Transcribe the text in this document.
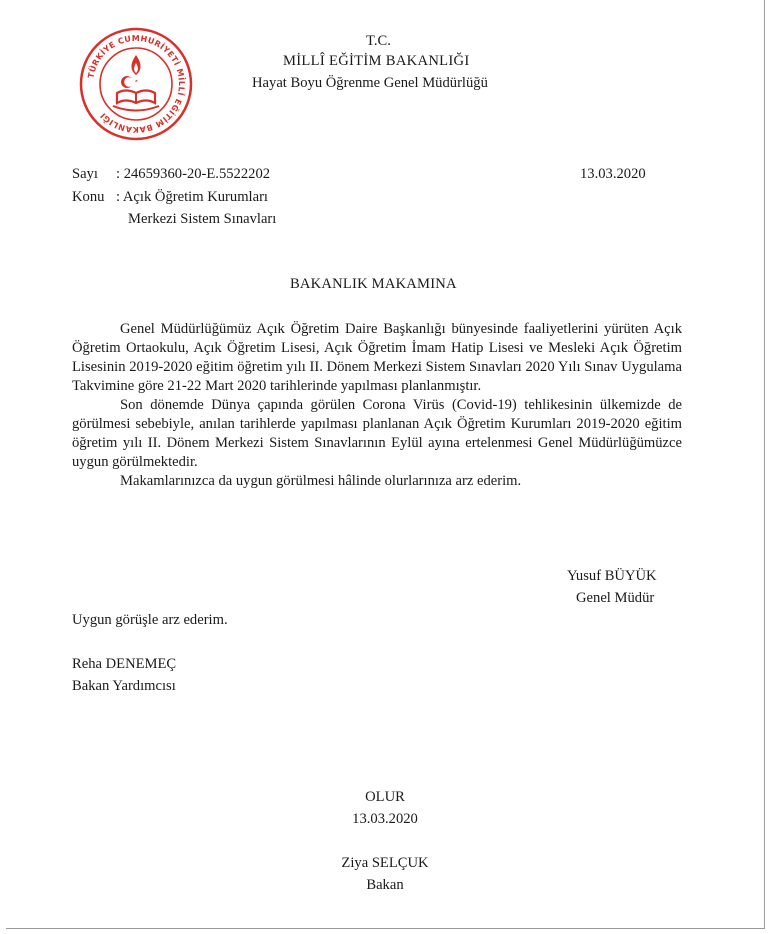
TÜRKİYE CUMHURİYETİ MİLLÎ EĞİTİM BAKANLIĞI
T.C.
MİLLÎ EĞİTİM BAKANLIĞI
Hayat Boyu Öğrenme Genel Müdürlüğü
Sayı : 24659360-20-E.5522202	13.03.2020
Konu : Açık Öğretim Kurumları
Merkezi Sistem Sınavları
BAKANLIK MAKAMINA

Genel Müdürlüğümüz Açık Öğretim Daire Başkanlığı bünyesinde faaliyetlerini yürüten Açık Öğretim Ortaokulu, Açık Öğretim Lisesi, Açık Öğretim İmam Hatip Lisesi ve Mesleki Açık Öğretim Lisesinin 2019-2020 eğitim öğretim yılı II. Dönem Merkezi Sistem Sınavları 2020 Yılı Sınav Uygulama Takvimine göre 21-22 Mart 2020 tarihlerinde yapılması planlanmıştır.

Son dönemde Dünya çapında görülen Corona Virüs (Covid-19) tehlikesinin ülkemizde de görülmesi sebebiyle, anılan tarihlerde yapılması planlanan Açık Öğretim Kurumları 2019-2020 eğitim öğretim yılı II. Dönem Merkezi Sistem Sınavlarının Eylül ayına ertelenmesi Genel Müdürlüğümüzce uygun görülmektedir.

Makamlarınızca da uygun görülmesi hâlinde olurlarınıza arz ederim.

Yusuf BÜYÜK
Genel Müdür
Uygun görüşle arz ederim.
Reha DENEMEÇ
Bakan Yardımcısı
OLUR
13.03.2020
Ziya SELÇUK
Bakan
